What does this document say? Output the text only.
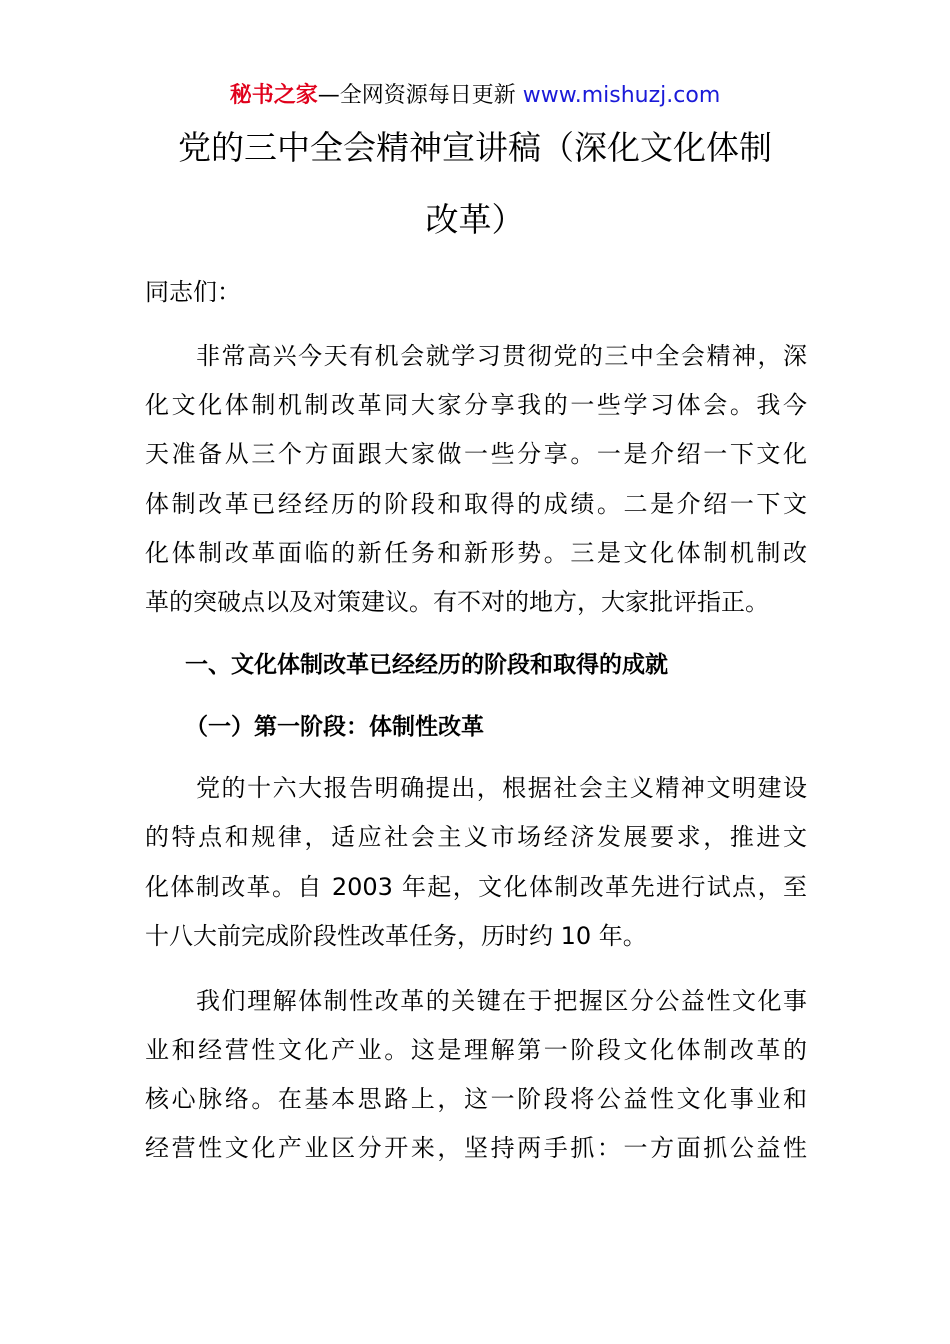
秘书之家—全网资源每日更新 www.mishuzj.com
党的三中全会精神宣讲稿（深化文化体制
改革）
同志们：
　　非常高兴今天有机会就学习贯彻党的三中全会精神，深
化文化体制机制改革同大家分享我的一些学习体会。我今
天准备从三个方面跟大家做一些分享。一是介绍一下文化
体制改革已经经历的阶段和取得的成绩。二是介绍一下文
化体制改革面临的新任务和新形势。三是文化体制机制改
革的突破点以及对策建议。有不对的地方，大家批评指正。
一、文化体制改革已经经历的阶段和取得的成就
（一）第一阶段：体制性改革
　　党的十六大报告明确提出，根据社会主义精神文明建设
的特点和规律，适应社会主义市场经济发展要求，推进文
化体制改革。自 2003 年起，文化体制改革先进行试点，至
十八大前完成阶段性改革任务，历时约 10 年。
　　我们理解体制性改革的关键在于把握区分公益性文化事
业和经营性文化产业。这是理解第一阶段文化体制改革的
核心脉络。在基本思路上，这一阶段将公益性文化事业和
经营性文化产业区分开来，坚持两手抓：一方面抓公益性
